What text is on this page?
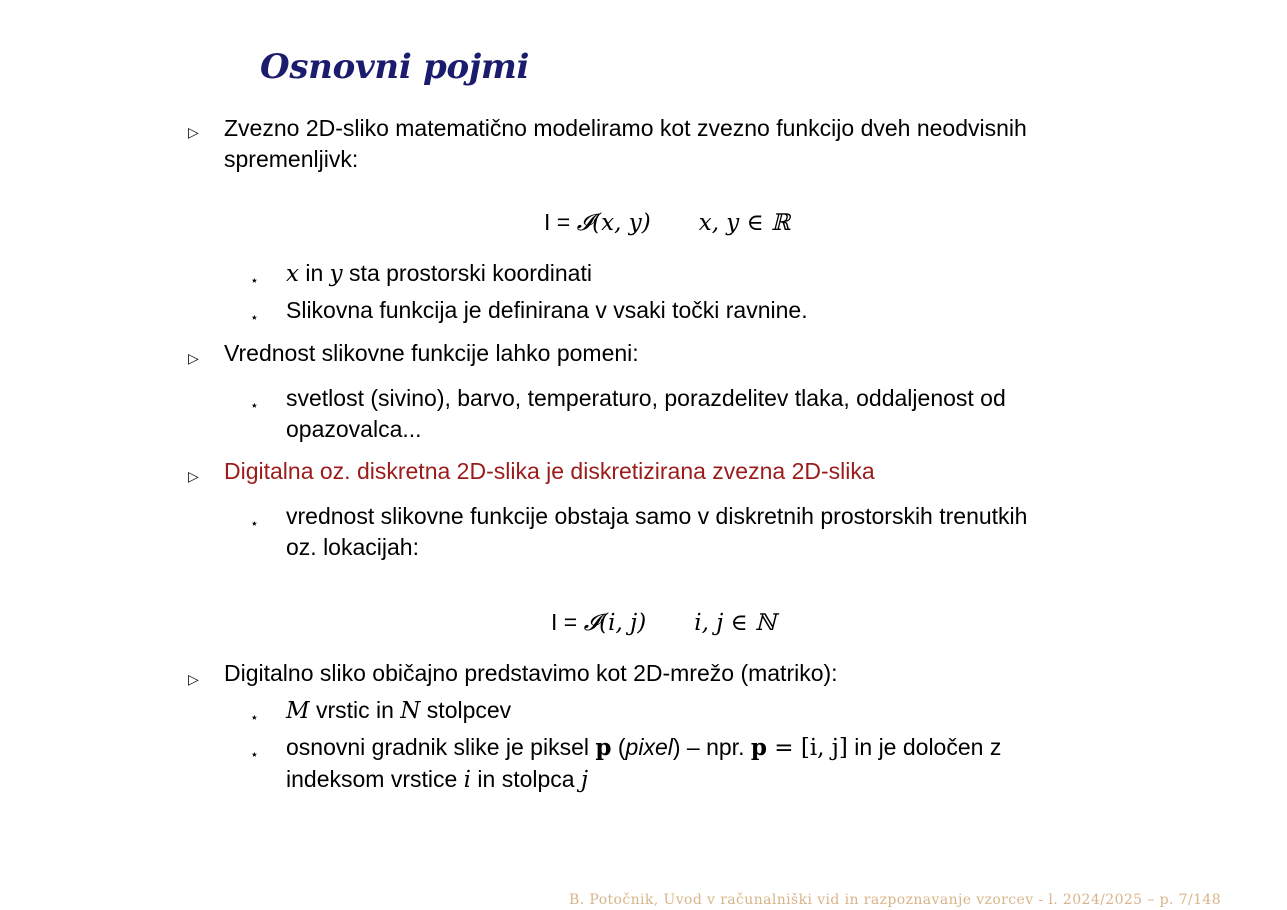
Osnovni pojmi
▷ Zvezno 2D-sliko matematično modeliramo kot zvezno funkcijo dveh neodvisnih
spremenljivk:
I = 𝓘(x, y) x, y ∈ ℝ
⋆ x in y sta prostorski koordinati
⋆ Slikovna funkcija je definirana v vsaki točki ravnine.
▷ Vrednost slikovne funkcije lahko pomeni:
⋆ svetlost (sivino), barvo, temperaturo, porazdelitev tlaka, oddaljenost od
opazovalca...
▷ Digitalna oz. diskretna 2D-slika je diskretizirana zvezna 2D-slika
⋆ vrednost slikovne funkcije obstaja samo v diskretnih prostorskih trenutkih
oz. lokacijah:
I = 𝓘(i, j) i, j ∈ ℕ
▷ Digitalno sliko običajno predstavimo kot 2D-mrežo (matriko):
⋆ M vrstic in N stolpcev
⋆ osnovni gradnik slike je piksel p (pixel) – npr. p = [i, j] in je določen z
indeksom vrstice i in stolpca j
B. Potočnik, Uvod v računalniški vid in razpoznavanje vzorcev - l. 2024/2025 – p. 7/148
